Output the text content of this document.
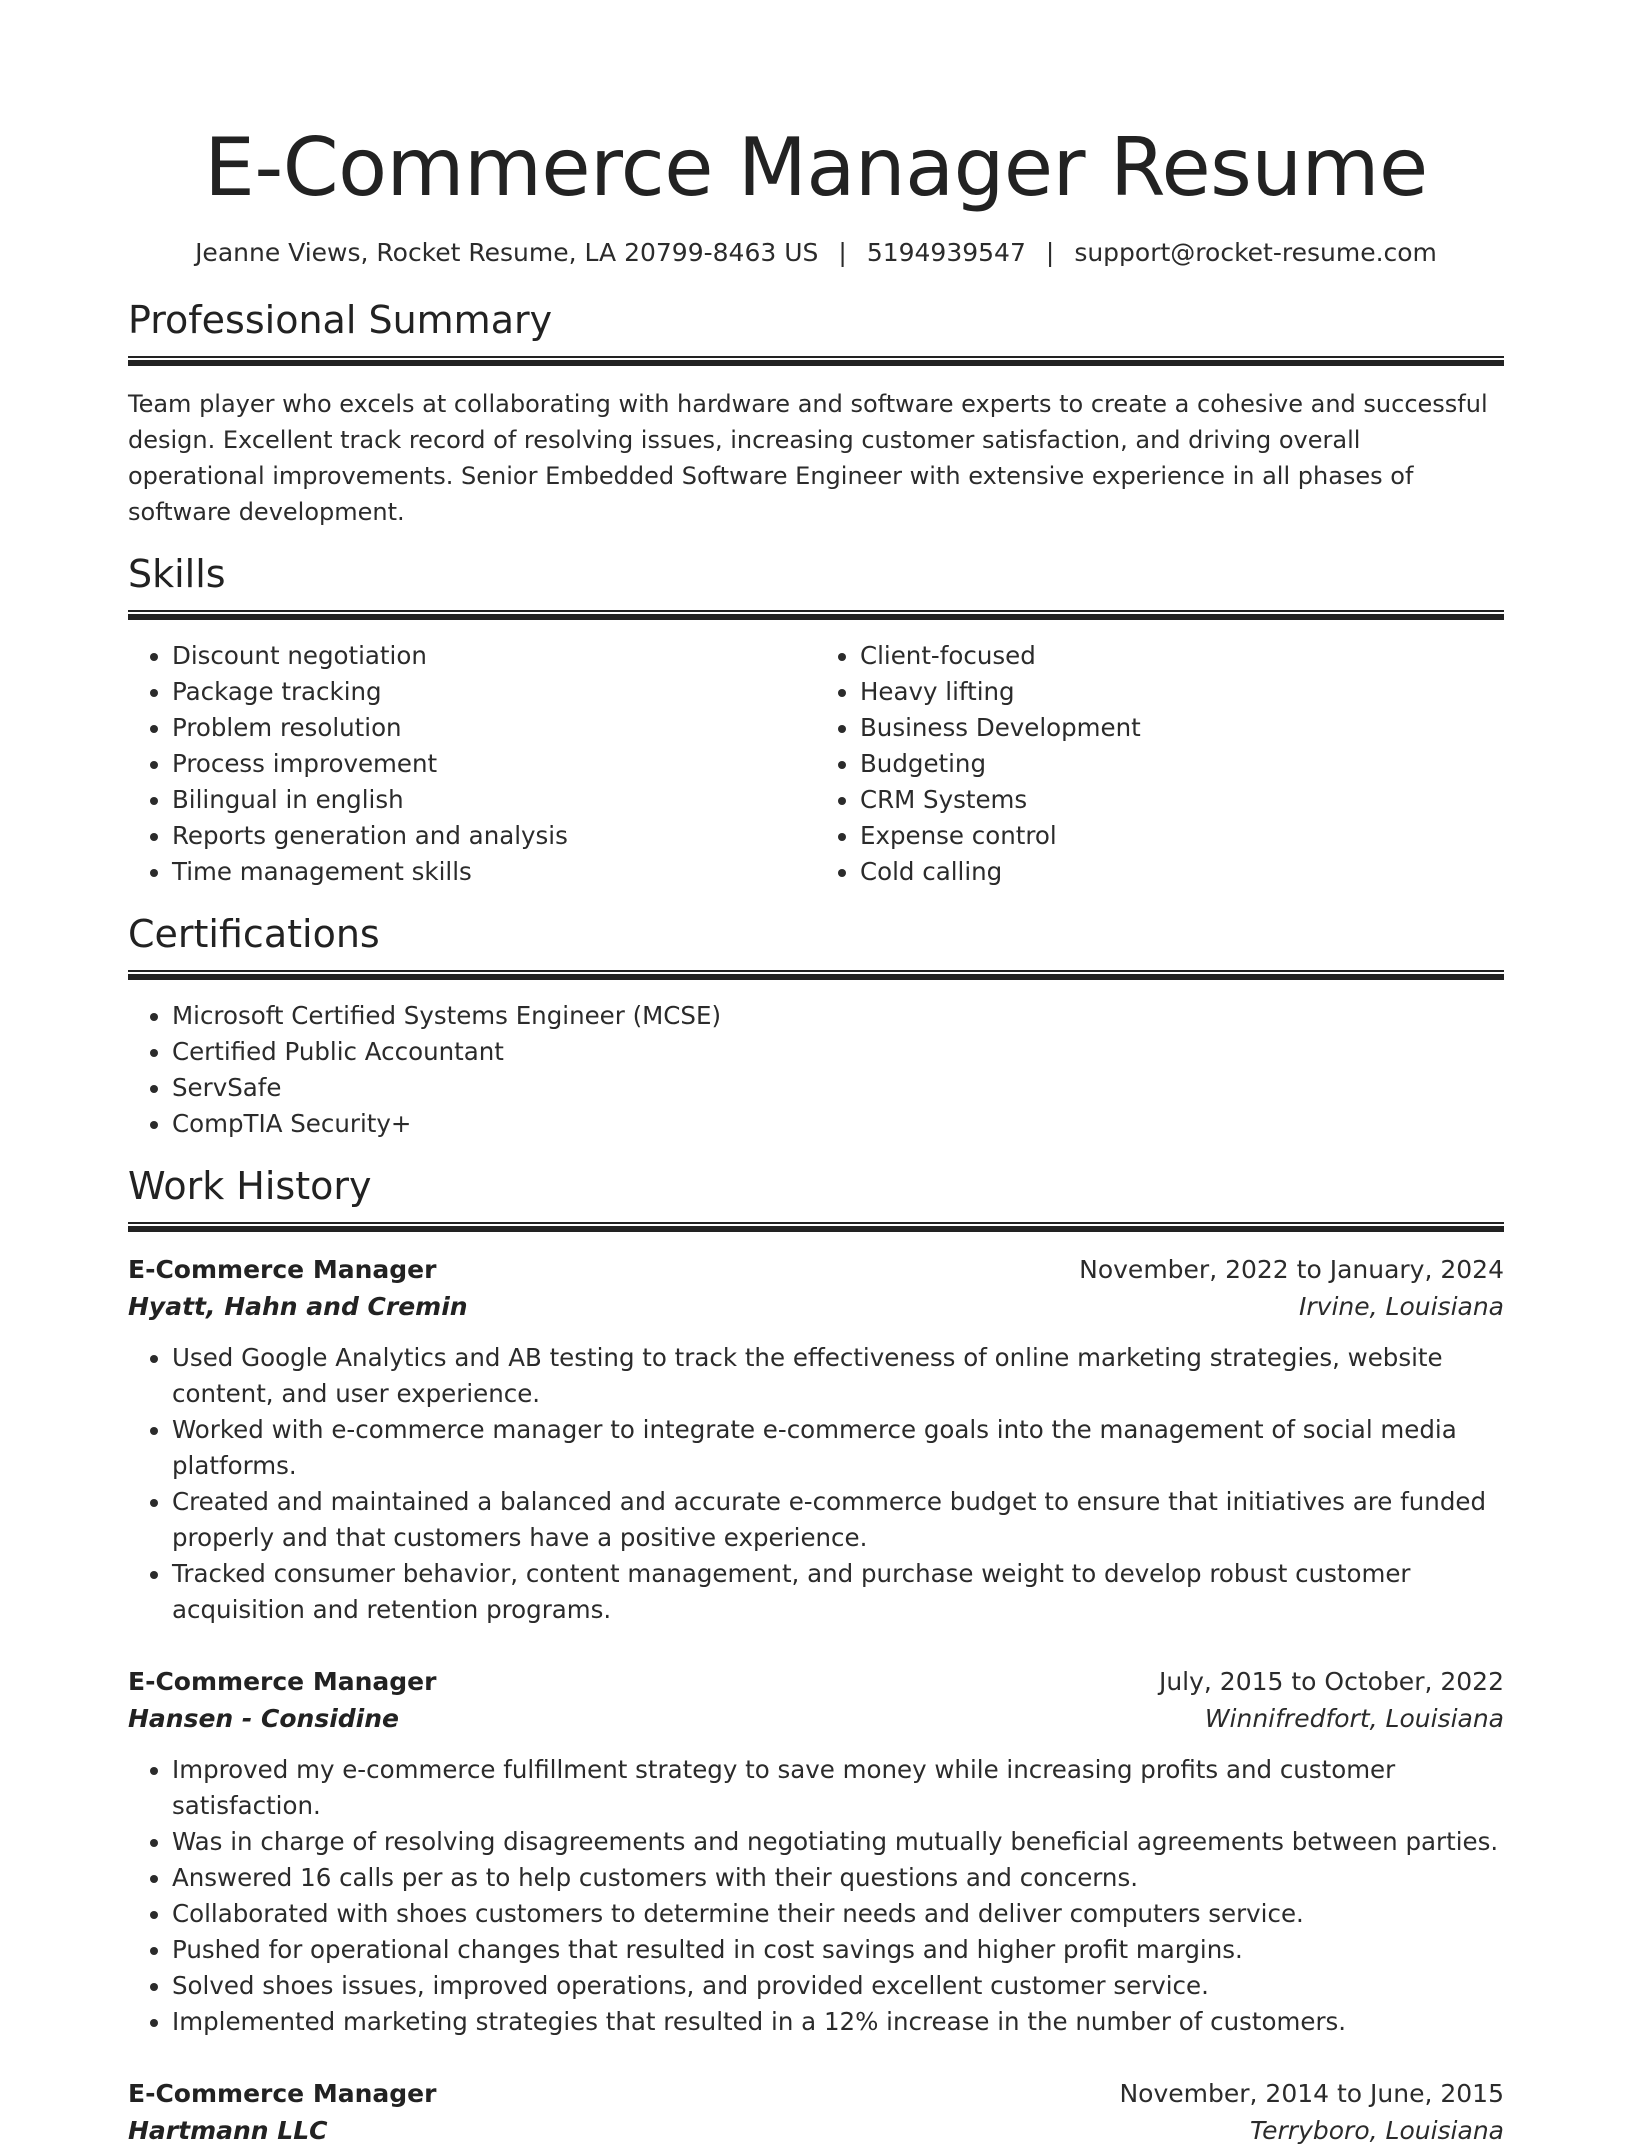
E-Commerce Manager Resume
Jeanne Views, Rocket Resume, LA 20799-8463 US | 5194939547 | support@rocket-resume.com
Professional Summary
Team player who excels at collaborating with hardware and software experts to create a cohesive and successful design. Excellent track record of resolving issues, increasing customer satisfaction, and driving overall operational improvements. Senior Embedded Software Engineer with extensive experience in all phases of software development.
Skills
• Discount negotiation
• Package tracking
• Problem resolution
• Process improvement
• Bilingual in english
• Reports generation and analysis
• Time management skills
• Client-focused
• Heavy lifting
• Business Development
• Budgeting
• CRM Systems
• Expense control
• Cold calling
Certifications
• Microsoft Certified Systems Engineer (MCSE)
• Certified Public Accountant
• ServSafe
• CompTIA Security+
Work History
E-Commerce Manager	November, 2022 to January, 2024
Hyatt, Hahn and Cremin	Irvine, Louisiana
• Used Google Analytics and AB testing to track the effectiveness of online marketing strategies, website content, and user experience.
• Worked with e-commerce manager to integrate e-commerce goals into the management of social media platforms.
• Created and maintained a balanced and accurate e-commerce budget to ensure that initiatives are funded properly and that customers have a positive experience.
• Tracked consumer behavior, content management, and purchase weight to develop robust customer acquisition and retention programs.
E-Commerce Manager	July, 2015 to October, 2022
Hansen - Considine	Winnifredfort, Louisiana
• Improved my e-commerce fulfillment strategy to save money while increasing profits and customer satisfaction.
• Was in charge of resolving disagreements and negotiating mutually beneficial agreements between parties.
• Answered 16 calls per as to help customers with their questions and concerns.
• Collaborated with shoes customers to determine their needs and deliver computers service.
• Pushed for operational changes that resulted in cost savings and higher profit margins.
• Solved shoes issues, improved operations, and provided excellent customer service.
• Implemented marketing strategies that resulted in a 12% increase in the number of customers.
E-Commerce Manager	November, 2014 to June, 2015
Hartmann LLC	Terryboro, Louisiana
